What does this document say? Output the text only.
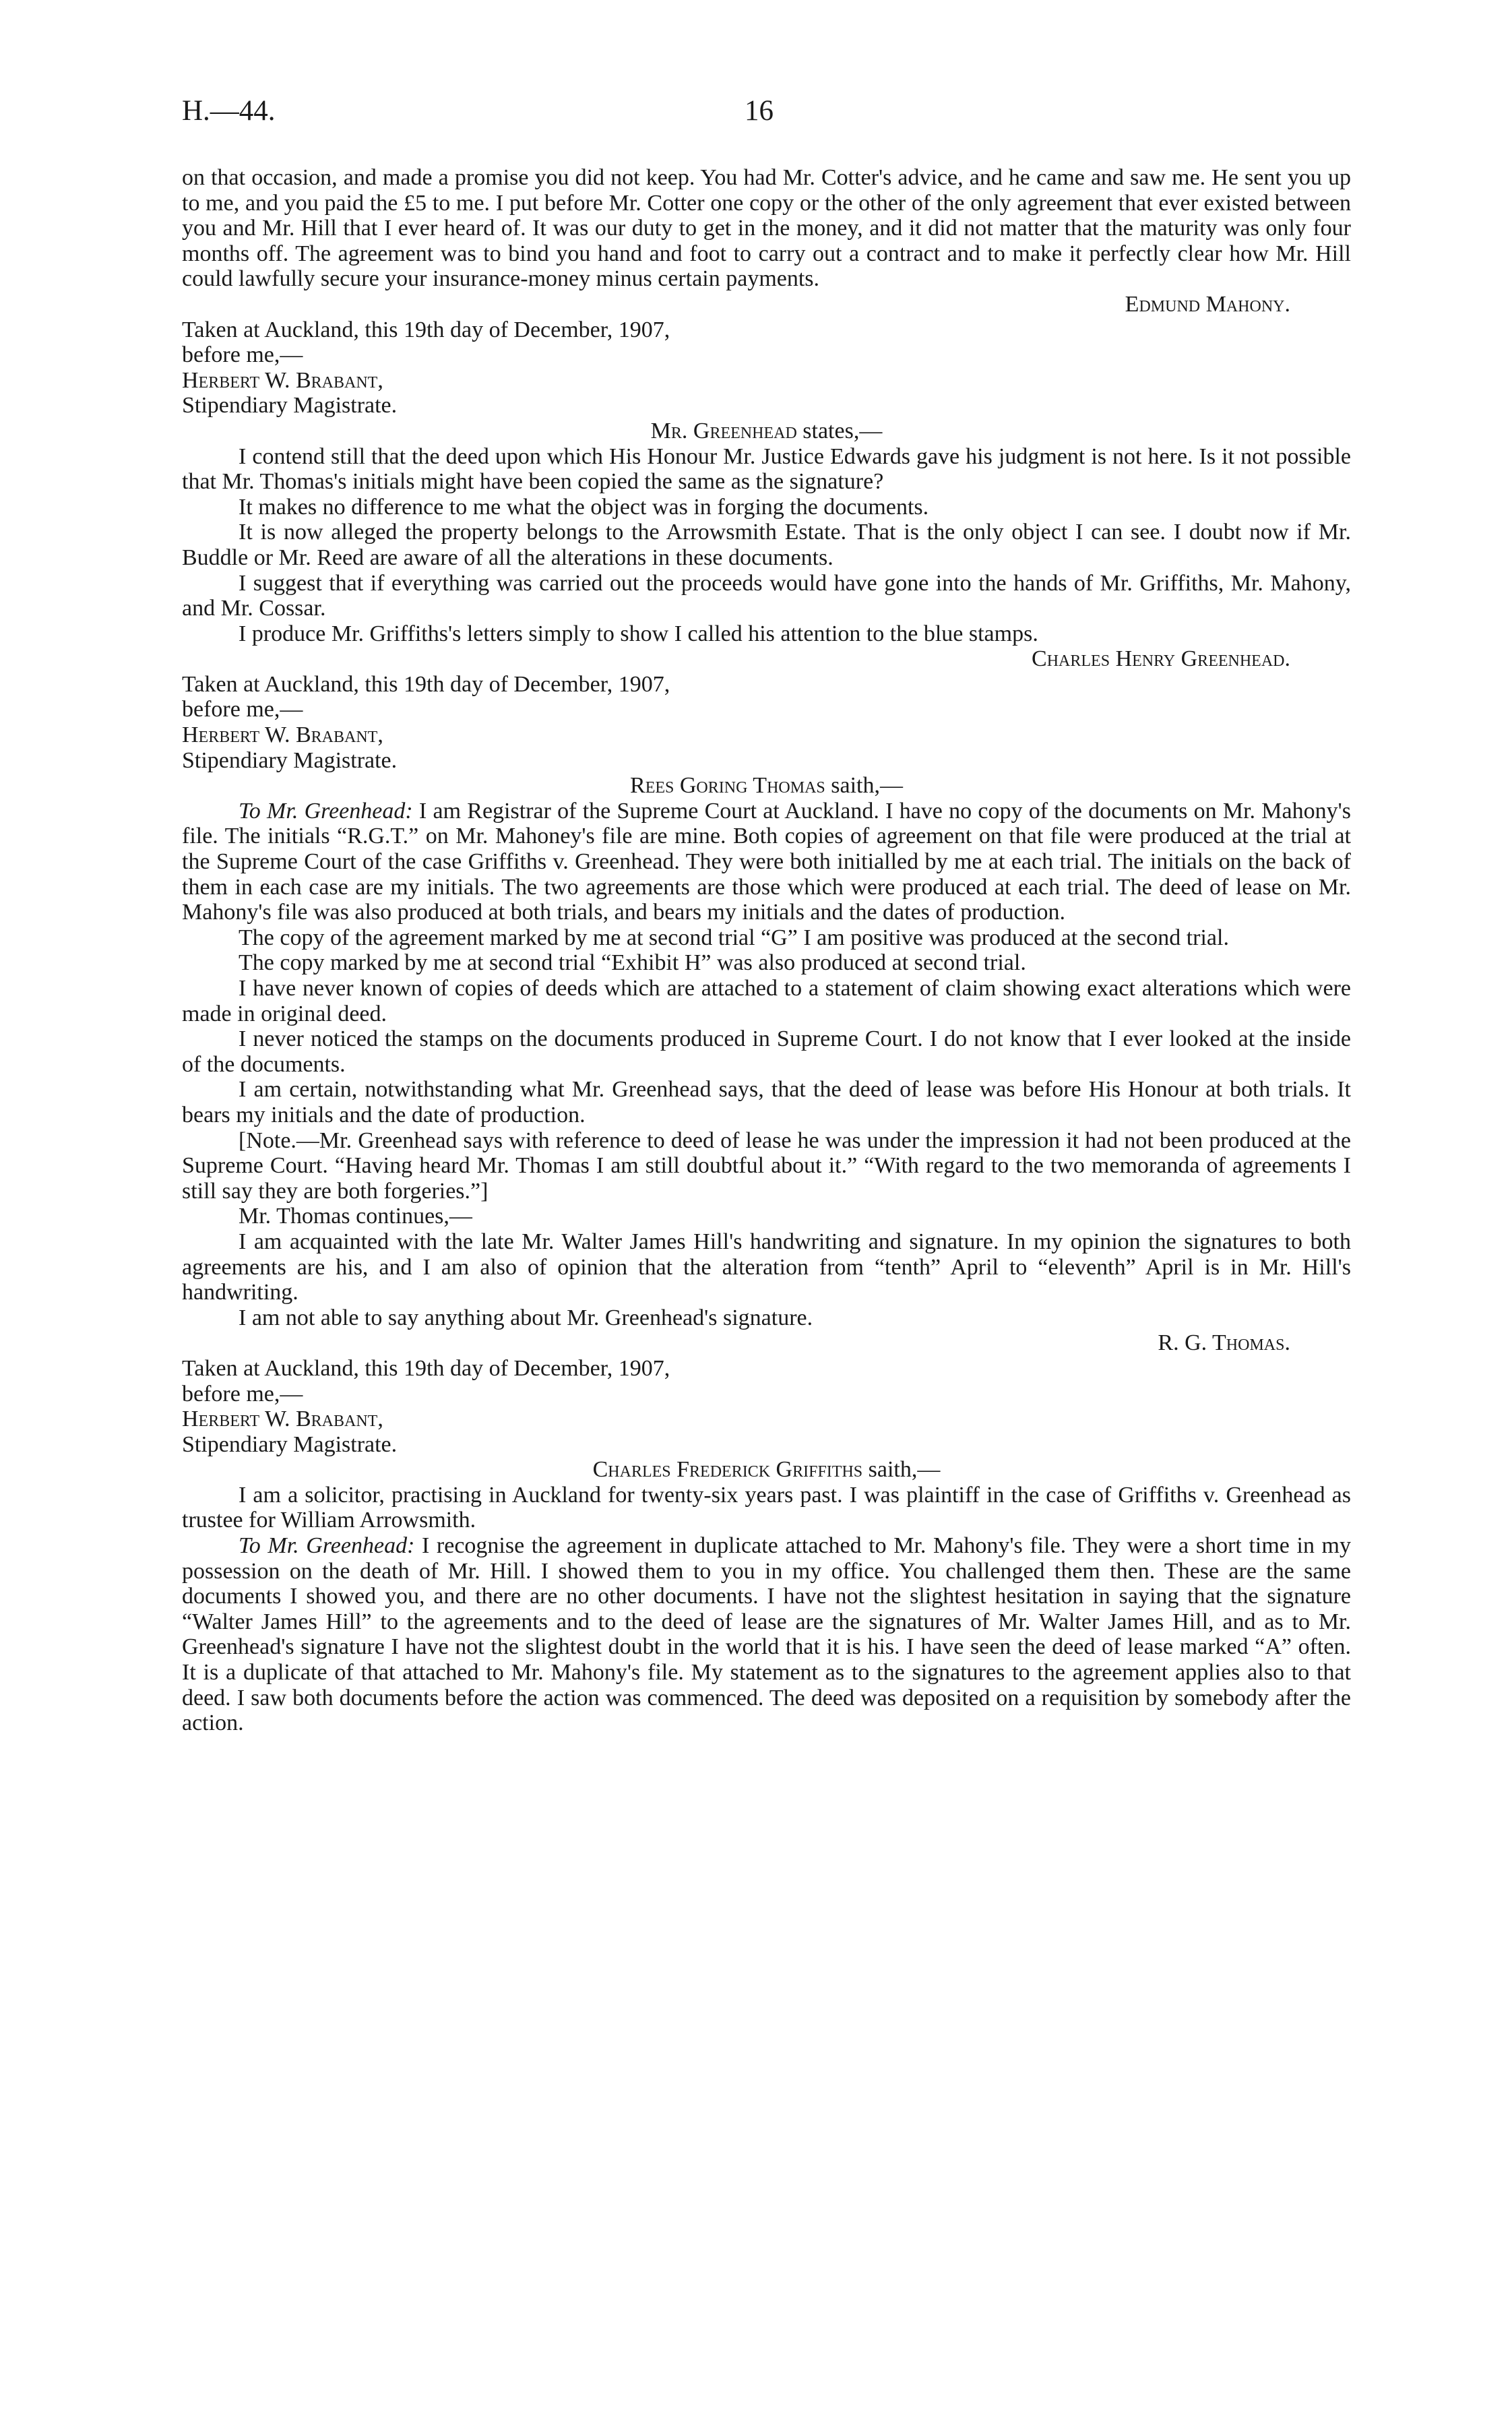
H.—44.	16

on that occasion, and made a promise you did not keep. You had Mr. Cotter's advice, and he came and saw me. He sent you up to me, and you paid the £5 to me. I put before Mr. Cotter one copy or the other of the only agreement that ever existed between you and Mr. Hill that I ever heard of. It was our duty to get in the money, and it did not matter that the maturity was only four months off. The agreement was to bind you hand and foot to carry out a contract and to make it perfectly clear how Mr. Hill could lawfully secure your insurance-money minus certain payments.

Edmund Mahony.

Taken at Auckland, this 19th day of December, 1907,

before me,—

Herbert W. Brabant,

Stipendiary Magistrate.

Mr. Greenhead states,—

I contend still that the deed upon which His Honour Mr. Justice Edwards gave his judgment is not here. Is it not possible that Mr. Thomas's initials might have been copied the same as the signature?

It makes no difference to me what the object was in forging the documents.

It is now alleged the property belongs to the Arrowsmith Estate. That is the only object I can see. I doubt now if Mr. Buddle or Mr. Reed are aware of all the alterations in these documents.

I suggest that if everything was carried out the proceeds would have gone into the hands of Mr. Griffiths, Mr. Mahony, and Mr. Cossar.

I produce Mr. Griffiths's letters simply to show I called his attention to the blue stamps.

Charles Henry Greenhead.

Taken at Auckland, this 19th day of December, 1907,

before me,—

Herbert W. Brabant,

Stipendiary Magistrate.

Rees Goring Thomas saith,—

To Mr. Greenhead: I am Registrar of the Supreme Court at Auckland. I have no copy of the documents on Mr. Mahony's file. The initials “R.G.T.” on Mr. Mahoney's file are mine. Both copies of agreement on that file were produced at the trial at the Supreme Court of the case Griffiths v. Greenhead. They were both initialled by me at each trial. The initials on the back of them in each case are my initials. The two agreements are those which were produced at each trial. The deed of lease on Mr. Mahony's file was also produced at both trials, and bears my initials and the dates of production.

The copy of the agreement marked by me at second trial “G” I am positive was produced at the second trial.

The copy marked by me at second trial “Exhibit H” was also produced at second trial.

I have never known of copies of deeds which are attached to a statement of claim showing exact alterations which were made in original deed.

I never noticed the stamps on the documents produced in Supreme Court. I do not know that I ever looked at the inside of the documents.

I am certain, notwithstanding what Mr. Greenhead says, that the deed of lease was before His Honour at both trials. It bears my initials and the date of production.

[Note.—Mr. Greenhead says with reference to deed of lease he was under the impression it had not been produced at the Supreme Court. “Having heard Mr. Thomas I am still doubtful about it.” “With regard to the two memoranda of agreements I still say they are both forgeries.”]

Mr. Thomas continues,—

I am acquainted with the late Mr. Walter James Hill's handwriting and signature. In my opinion the signatures to both agreements are his, and I am also of opinion that the alteration from “tenth” April to “eleventh” April is in Mr. Hill's handwriting.

I am not able to say anything about Mr. Greenhead's signature.

R. G. Thomas.

Taken at Auckland, this 19th day of December, 1907,

before me,—

Herbert W. Brabant,

Stipendiary Magistrate.

Charles Frederick Griffiths saith,—

I am a solicitor, practising in Auckland for twenty-six years past. I was plaintiff in the case of Griffiths v. Greenhead as trustee for William Arrowsmith.

To Mr. Greenhead: I recognise the agreement in duplicate attached to Mr. Mahony's file. They were a short time in my possession on the death of Mr. Hill. I showed them to you in my office. You challenged them then. These are the same documents I showed you, and there are no other documents. I have not the slightest hesitation in saying that the signature “Walter James Hill” to the agreements and to the deed of lease are the signatures of Mr. Walter James Hill, and as to Mr. Greenhead's signature I have not the slightest doubt in the world that it is his. I have seen the deed of lease marked “A” often. It is a duplicate of that attached to Mr. Mahony's file. My statement as to the signatures to the agreement applies also to that deed. I saw both documents before the action was commenced. The deed was deposited on a requisition by somebody after the action.
